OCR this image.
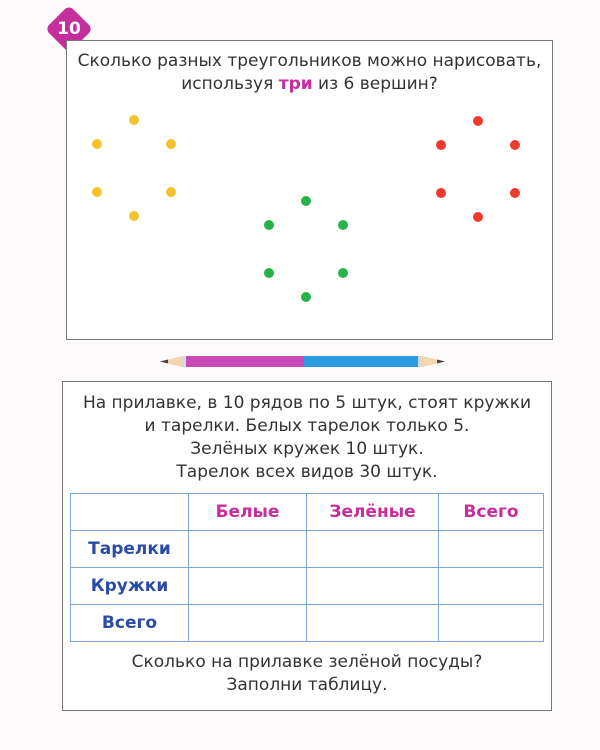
10
Сколько разных треугольников можно нарисовать, используя три из 6 вершин?
На прилавке, в 10 рядов по 5 штук, стоят кружки
и тарелки. Белых тарелок только 5.
Зелёных кружек 10 штук.
Тарелок всех видов 30 штук.
	Белые	Зелёные	Всего
Тарелки			
Кружки			
Всего			
Сколько на прилавке зелёной посуды?
Заполни таблицу.
